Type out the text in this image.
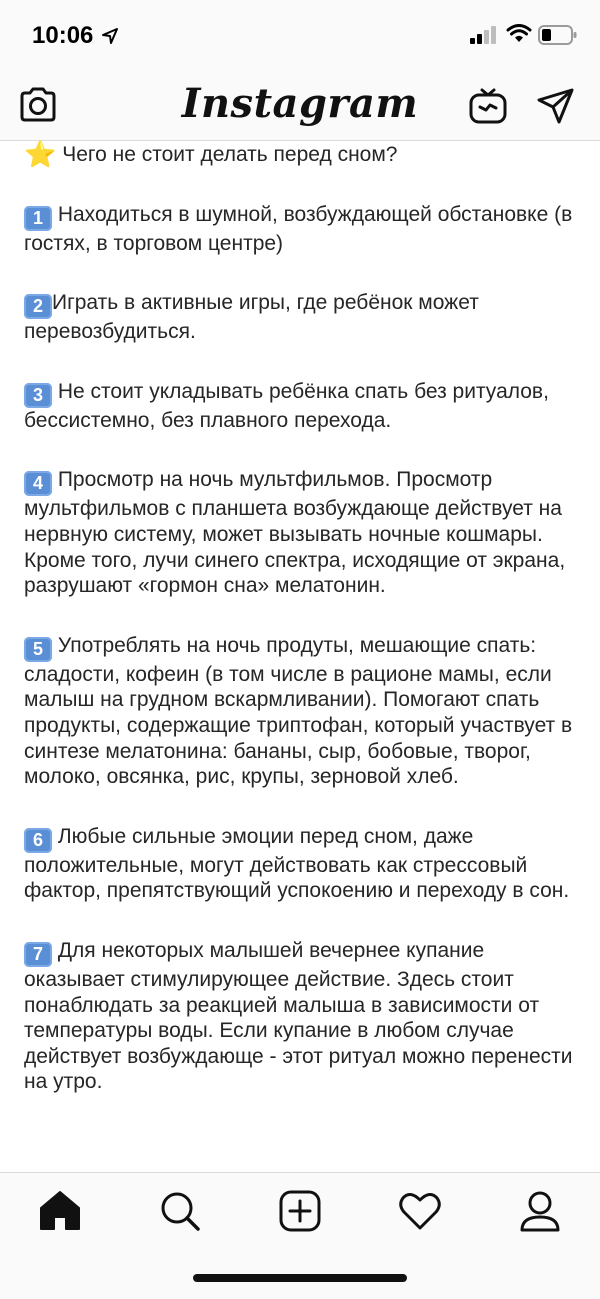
10:06
Instagram

⭐ Чего не стоит делать перед сном?

1 Находиться в шумной, возбуждающей обстановке (в гостях, в торговом центре)

2 Играть в активные игры, где ребёнок может перевозбудиться.

3 Не стоит укладывать ребёнка спать без ритуалов, бессистемно, без плавного перехода.

4 Просмотр на ночь мультфильмов. Просмотр мультфильмов с планшета возбуждающе действует на нервную систему, может вызывать ночные кошмары. Кроме того, лучи синего спектра, исходящие от экрана, разрушают «гормон сна» мелатонин.

5 Употреблять на ночь продуты, мешающие спать: сладости, кофеин (в том числе в рационе мамы, если малыш на грудном вскармливании). Помогают спать продукты, содержащие триптофан, который участвует в синтезе мелатонина: бананы, сыр, бобовые, творог, молоко, овсянка, рис, крупы, зерновой хлеб.

6 Любые сильные эмоции перед сном, даже положительные, могут действовать как стрессовый фактор, препятствующий успокоению и переходу в сон.

7 Для некоторых малышей вечернее купание оказывает стимулирующее действие. Здесь стоит понаблюдать за реакцией малыша в зависимости от температуры воды. Если купание в любом случае действует возбуждающе - этот ритуал можно перенести на утро.
